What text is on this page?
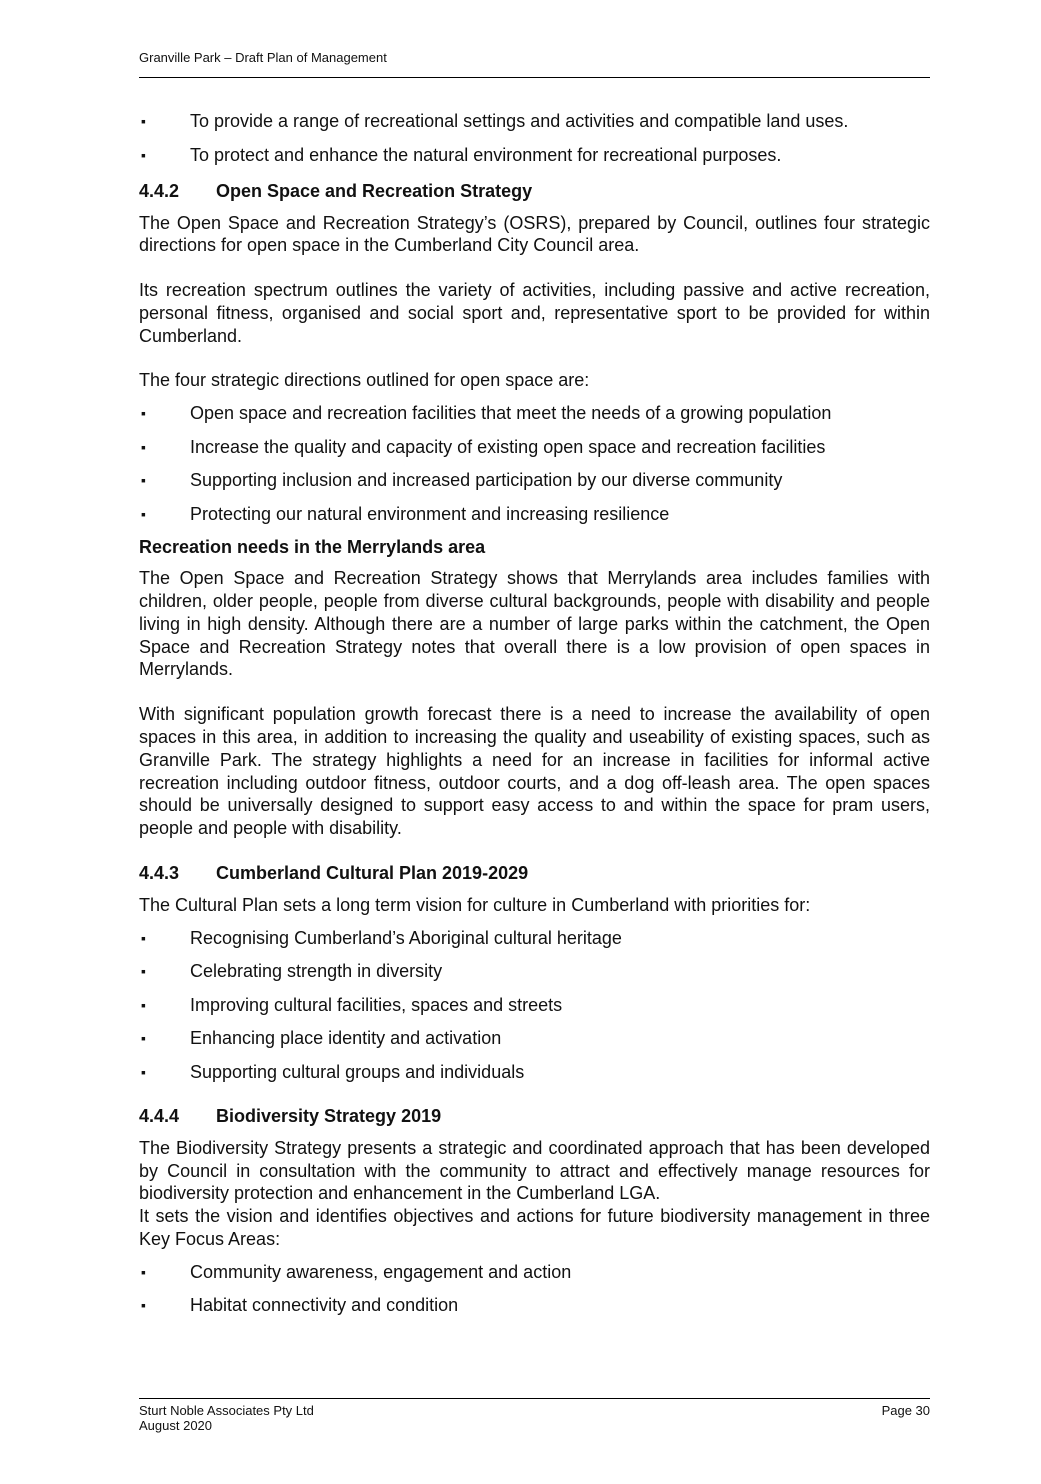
Granville Park – Draft Plan of Management
▪ To provide a range of recreational settings and activities and compatible land uses.
▪ To protect and enhance the natural environment for recreational purposes.
4.4.2	Open Space and Recreation Strategy

The Open Space and Recreation Strategy’s (OSRS), prepared by Council, outlines four strategic directions for open space in the Cumberland City Council area.

Its recreation spectrum outlines the variety of activities, including passive and active recreation, personal fitness, organised and social sport and, representative sport to be provided for within Cumberland.

The four strategic directions outlined for open space are:

▪ Open space and recreation facilities that meet the needs of a growing population
▪ Increase the quality and capacity of existing open space and recreation facilities
▪ Supporting inclusion and increased participation by our diverse community
▪ Protecting our natural environment and increasing resilience
Recreation needs in the Merrylands area

The Open Space and Recreation Strategy shows that Merrylands area includes families with children, older people, people from diverse cultural backgrounds, people with disability and people living in high density. Although there are a number of large parks within the catchment, the Open Space and Recreation Strategy notes that overall there is a low provision of open spaces in Merrylands.

With significant population growth forecast there is a need to increase the availability of open spaces in this area, in addition to increasing the quality and useability of existing spaces, such as Granville Park. The strategy highlights a need for an increase in facilities for informal active recreation including outdoor fitness, outdoor courts, and a dog off-leash area. The open spaces should be universally designed to support easy access to and within the space for pram users, people and people with disability.

4.4.3	Cumberland Cultural Plan 2019-2029

The Cultural Plan sets a long term vision for culture in Cumberland with priorities for:

▪ Recognising Cumberland’s Aboriginal cultural heritage
▪ Celebrating strength in diversity
▪ Improving cultural facilities, spaces and streets
▪ Enhancing place identity and activation
▪ Supporting cultural groups and individuals
4.4.4	Biodiversity Strategy 2019

The Biodiversity Strategy presents a strategic and coordinated approach that has been developed by Council in consultation with the community to attract and effectively manage resources for biodiversity protection and enhancement in the Cumberland LGA.

It sets the vision and identifies objectives and actions for future biodiversity management in three Key Focus Areas:

▪ Community awareness, engagement and action
▪ Habitat connectivity and condition
Sturt Noble Associates Pty Ltd
August 2020
Page 30
